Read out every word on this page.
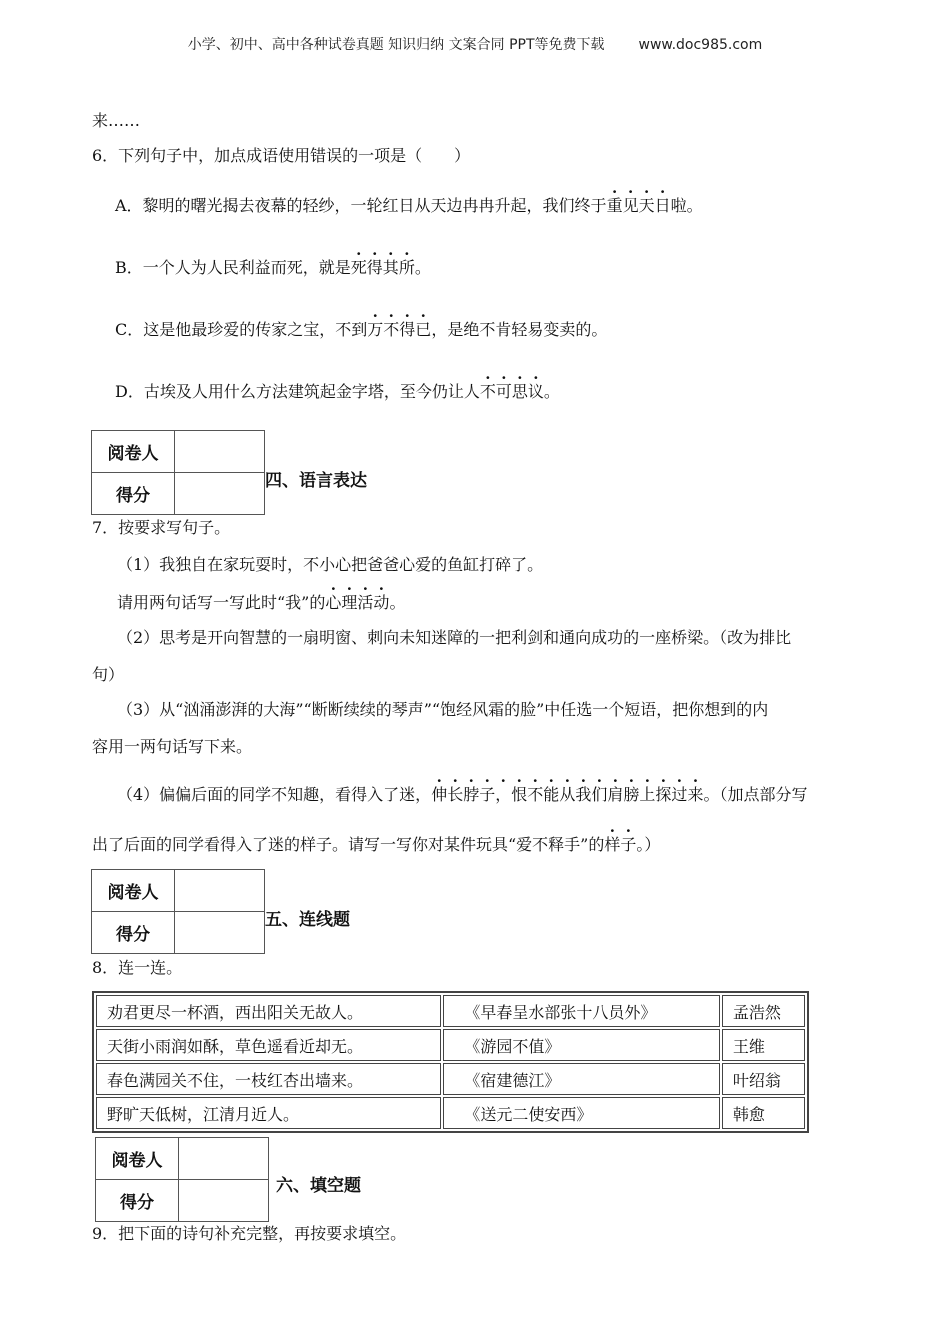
小学、初中、高中各种试卷真题 知识归纳 文案合同 PPT等免费下载 www.doc985.com
来……
6．下列句子中，加点成语使用错误的一项是（　　）
A．黎明的曙光揭去夜幕的轻纱，一轮红日从天边冉冉升起，我们终于重见天日啦。
B．一个人为人民利益而死，就是死得其所。
C．这是他最珍爱的传家之宝，不到万不得已，是绝不肯轻易变卖的。
D．古埃及人用什么方法建筑起金字塔，至今仍让人不可思议。
阅卷人	
得分	
四、语言表达
7．按要求写句子。
（1）我独自在家玩耍时，不小心把爸爸心爱的鱼缸打碎了。
请用两句话写一写此时“我”的心理活动。
（2）思考是开向智慧的一扇明窗、刺向未知迷障的一把利剑和通向成功的一座桥梁。（改为排比
句）
（3）从“汹涌澎湃的大海”“断断续续的琴声”“饱经风霜的脸”中任选一个短语，把你想到的内
容用一两句话写下来。
（4）偏偏后面的同学不知趣，看得入了迷，伸长脖子· ，恨不能从我们肩膀上探过来。（加点部分写
出了后面的同学看得入了迷的样子。请写一写你对某件玩具“爱不释手”的样子。）
阅卷人	
得分	
五、连线题
8．连一连。
劝君更尽一杯酒，西出阳关无故人。	《早春呈水部张十八员外》	孟浩然
天街小雨润如酥，草色遥看近却无。	《游园不值》	王维
春色满园关不住，一枝红杏出墙来。	《宿建德江》	叶绍翁
野旷天低树，江清月近人。	《送元二使安西》	韩愈
阅卷人	
得分	
六、填空题
9．把下面的诗句补充完整，再按要求填空。
